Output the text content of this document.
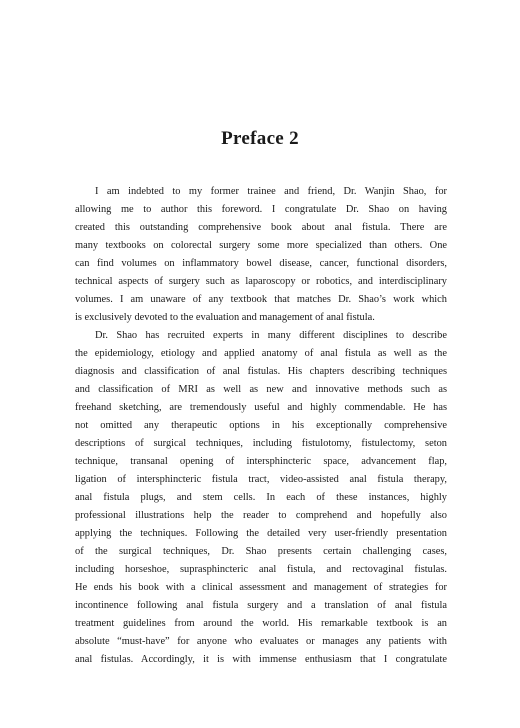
Preface 2
I am indebted to my former trainee and friend, Dr. Wanjin Shao, for
allowing me to author this foreword. I congratulate Dr. Shao on having
created this outstanding comprehensive book about anal fistula. There are
many textbooks on colorectal surgery some more specialized than others. One
can find volumes on inflammatory bowel disease, cancer, functional disorders,
technical aspects of surgery such as laparoscopy or robotics, and interdisciplinary
volumes. I am unaware of any textbook that matches Dr. Shao’s work which
is exclusively devoted to the evaluation and management of anal fistula.
Dr. Shao has recruited experts in many different disciplines to describe
the epidemiology, etiology and applied anatomy of anal fistula as well as the
diagnosis and classification of anal fistulas. His chapters describing techniques
and classification of MRI as well as new and innovative methods such as
freehand sketching, are tremendously useful and highly commendable. He has
not omitted any therapeutic options in his exceptionally comprehensive
descriptions of surgical techniques, including fistulotomy, fistulectomy, seton
technique, transanal opening of intersphincteric space, advancement flap,
ligation of intersphincteric fistula tract, video-assisted anal fistula therapy,
anal fistula plugs, and stem cells. In each of these instances, highly
professional illustrations help the reader to comprehend and hopefully also
applying the techniques. Following the detailed very user-friendly presentation
of the surgical techniques, Dr. Shao presents certain challenging cases,
including horseshoe, suprasphincteric anal fistula, and rectovaginal fistulas.
He ends his book with a clinical assessment and management of strategies for
incontinence following anal fistula surgery and a translation of anal fistula
treatment guidelines from around the world. His remarkable textbook is an
absolute “must-have” for anyone who evaluates or manages any patients with
anal fistulas. Accordingly, it is with immense enthusiasm that I congratulate
